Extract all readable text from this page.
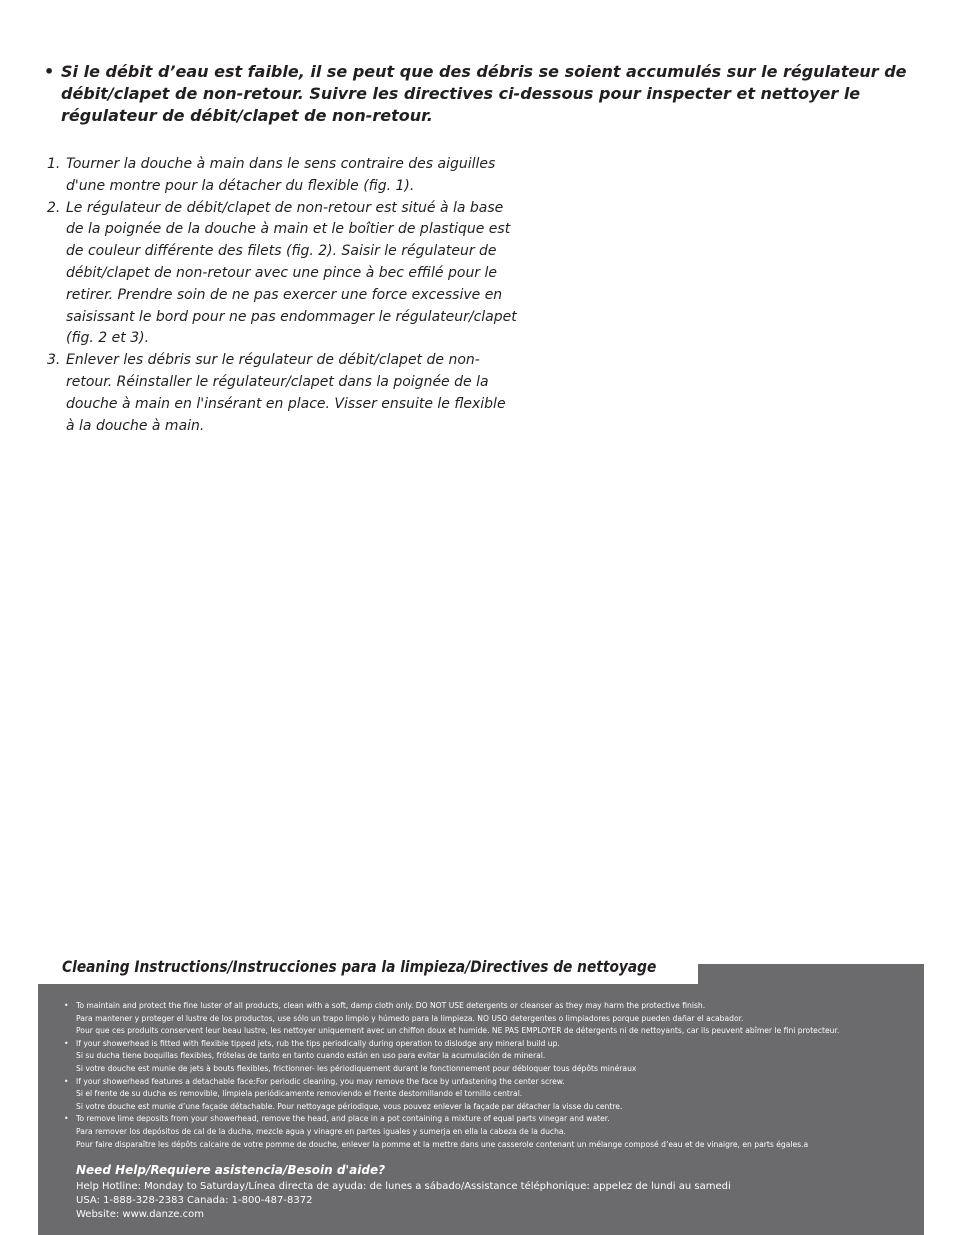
• Si le débit d’eau est faible, il se peut que des débris se soient accumulés sur le régulateur de débit/clapet de non-retour. Suivre les directives ci-dessous pour inspecter et nettoyer le régulateur de débit/clapet de non-retour.
1. Tourner la douche à main dans le sens contraire des aiguilles d'une montre pour la détacher du flexible (fig. 1).
2. Le régulateur de débit/clapet de non-retour est situé à la base de la poignée de la douche à main et le boîtier de plastique est de couleur différente des filets (fig. 2). Saisir le régulateur de débit/clapet de non-retour avec une pince à bec effilé pour le retirer. Prendre soin de ne pas exercer une force excessive en saisissant le bord pour ne pas endommager le régulateur/clapet (fig. 2 et 3).
3. Enlever les débris sur le régulateur de débit/clapet de non-retour. Réinstaller le régulateur/clapet dans la poignée de la douche à main en l'insérant en place. Visser ensuite le flexible à la douche à main.
Cleaning Instructions/Instrucciones para la limpieza/Directives de nettoyage
• To maintain and protect the fine luster of all products, clean with a soft, damp cloth only. DO NOT USE detergents or cleanser as they may harm the protective finish.
Para mantener y proteger el lustre de los productos, use sólo un trapo limpio y húmedo para la limpieza. NO USO detergentes o limpiadores porque pueden dañar el acabador.
Pour que ces produits conservent leur beau lustre, les nettoyer uniquement avec un chiffon doux et humide. NE PAS EMPLOYER de détergents ni de nettoyants, car ils peuvent abîmer le fini protecteur.
• If your showerhead is fitted with flexible tipped jets, rub the tips periodically during operation to dislodge any mineral build up.
Si su ducha tiene boquillas flexibles, frótelas de tanto en tanto cuando están en uso para evitar la acumulación de mineral.
Si votre douche est munie de jets à bouts flexibles, frictionner- les périodiquement durant le fonctionnement pour débloquer tous dépôts minéraux
• If your showerhead features a detachable face:For periodic cleaning, you may remove the face by unfastening the center screw.
Si el frente de su ducha es removible, límpiela periódicamente removiendo el frente destornillando el tornillo central.
Si votre douche est munie d’une façade détachable. Pour nettoyage périodique, vous pouvez enlever la façade par détacher la visse du centre.
• To remove lime deposits from your showerhead, remove the head, and place in a pot containing a mixture of equal parts vinegar and water.
Para remover los depósitos de cal de la ducha, mezcle agua y vinagre en partes iguales y sumerja en ella la cabeza de la ducha.
Pour faire disparaître les dépôts calcaire de votre pomme de douche, enlever la pomme et la mettre dans une casserole contenant un mélange composé d’eau et de vinaigre, en parts égales.a
Need Help/Requiere asistencia/Besoin d'aide?
Help Hotline: Monday to Saturday/Línea directa de ayuda: de lunes a sábado/Assistance téléphonique: appelez de lundi au samedi
USA: 1-888-328-2383 Canada: 1-800-487-8372
Website: www.danze.com
